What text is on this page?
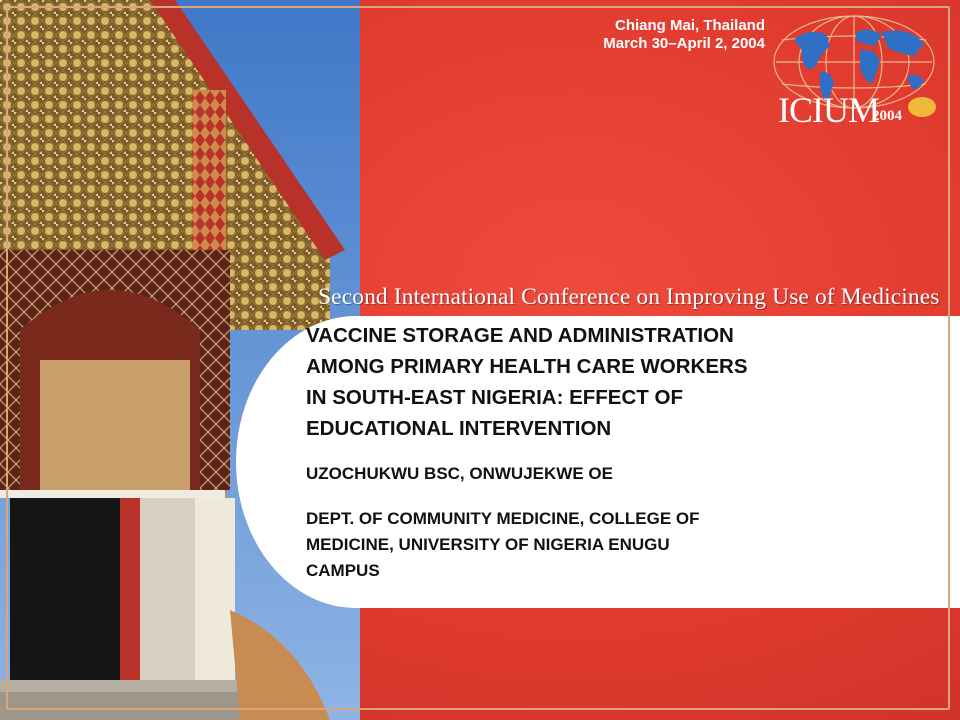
Chiang Mai, Thailand
March 30–April 2, 2004
ICIUM
2004
Second International Conference on Improving Use of Medicines
VACCINE STORAGE AND ADMINISTRATION
AMONG PRIMARY HEALTH CARE WORKERS
IN SOUTH-EAST NIGERIA: EFFECT OF
EDUCATIONAL INTERVENTION
UZOCHUKWU BSC, ONWUJEKWE OE
DEPT. OF COMMUNITY MEDICINE, COLLEGE OF
MEDICINE, UNIVERSITY OF NIGERIA ENUGU
CAMPUS
